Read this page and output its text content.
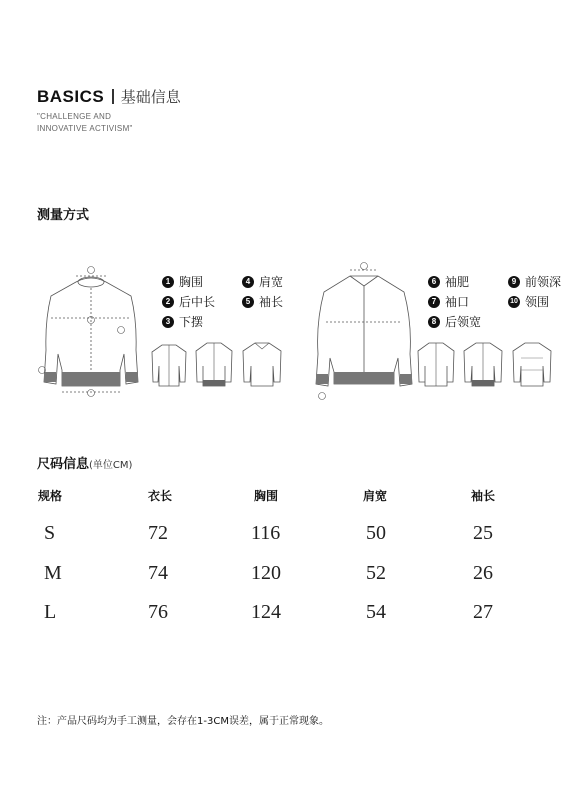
BASICS 基础信息
"CHALLENGE AND
INNOVATIVE ACTIVISM"
测量方式
1 胸围
2 后中长
3 下摆
4 肩宽
5 袖长
6 袖肥
7 袖口
8 后领宽
9 前领深
10 领围
尺码信息(单位CM)
规格	衣长	胸围	肩宽	袖长
S	72	116	50	25
M	74	120	52	26
L	76	124	54	27
注：产品尺码均为手工测量，会存在1-3CM误差，属于正常现象。
